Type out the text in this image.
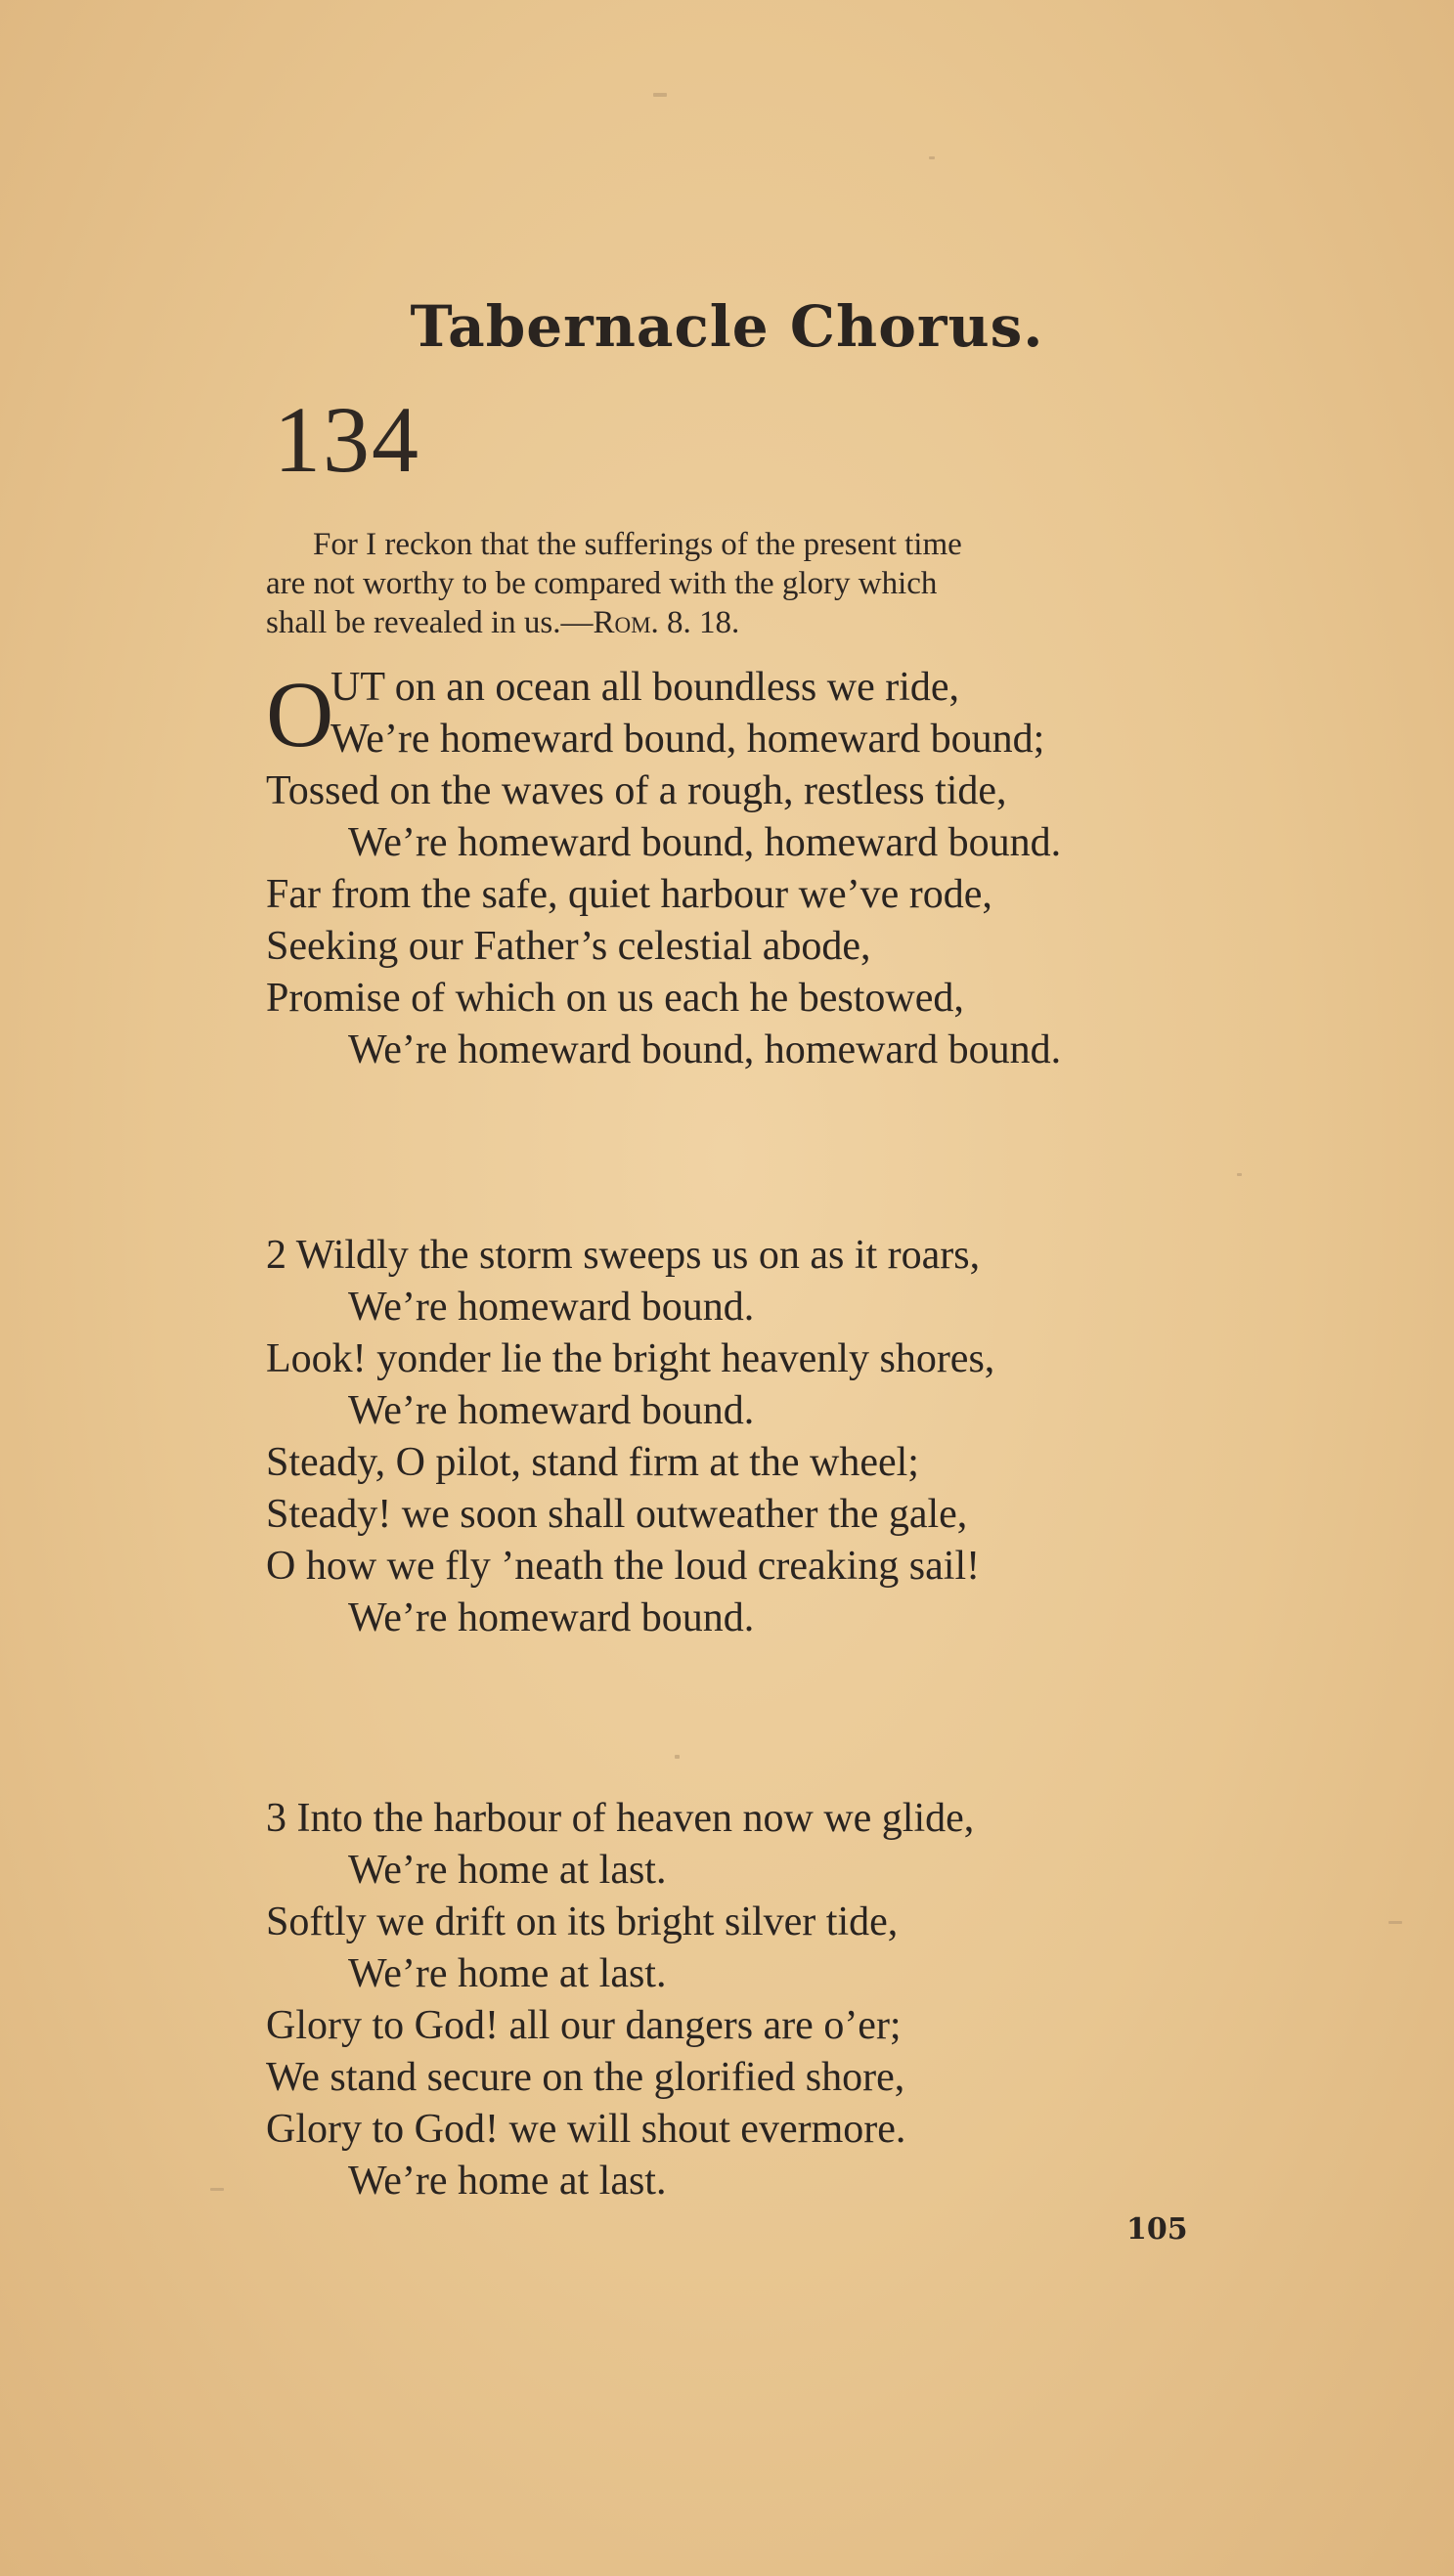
Tabernacle Chorus.
134
For I reckon that the sufferings of the present time
are not worthy to be compared with the glory which
shall be revealed in us.—Rom. 8. 18.
O
UT on an ocean all boundless we ride,
We’re homeward bound, homeward bound;
Tossed on the waves of a rough, restless tide,
We’re homeward bound, homeward bound.
Far from the safe, quiet harbour we’ve rode,
Seeking our Father’s celestial abode,
Promise of which on us each he bestowed,
We’re homeward bound, homeward bound.
2 Wildly the storm sweeps us on as it roars,
We’re homeward bound.
Look! yonder lie the bright heavenly shores,
We’re homeward bound.
Steady, O pilot, stand firm at the wheel;
Steady! we soon shall outweather the gale,
O how we fly ’neath the loud creaking sail!
We’re homeward bound.
3 Into the harbour of heaven now we glide,
We’re home at last.
Softly we drift on its bright silver tide,
We’re home at last.
Glory to God! all our dangers are o’er;
We stand secure on the glorified shore,
Glory to God! we will shout evermore.
We’re home at last.
105
